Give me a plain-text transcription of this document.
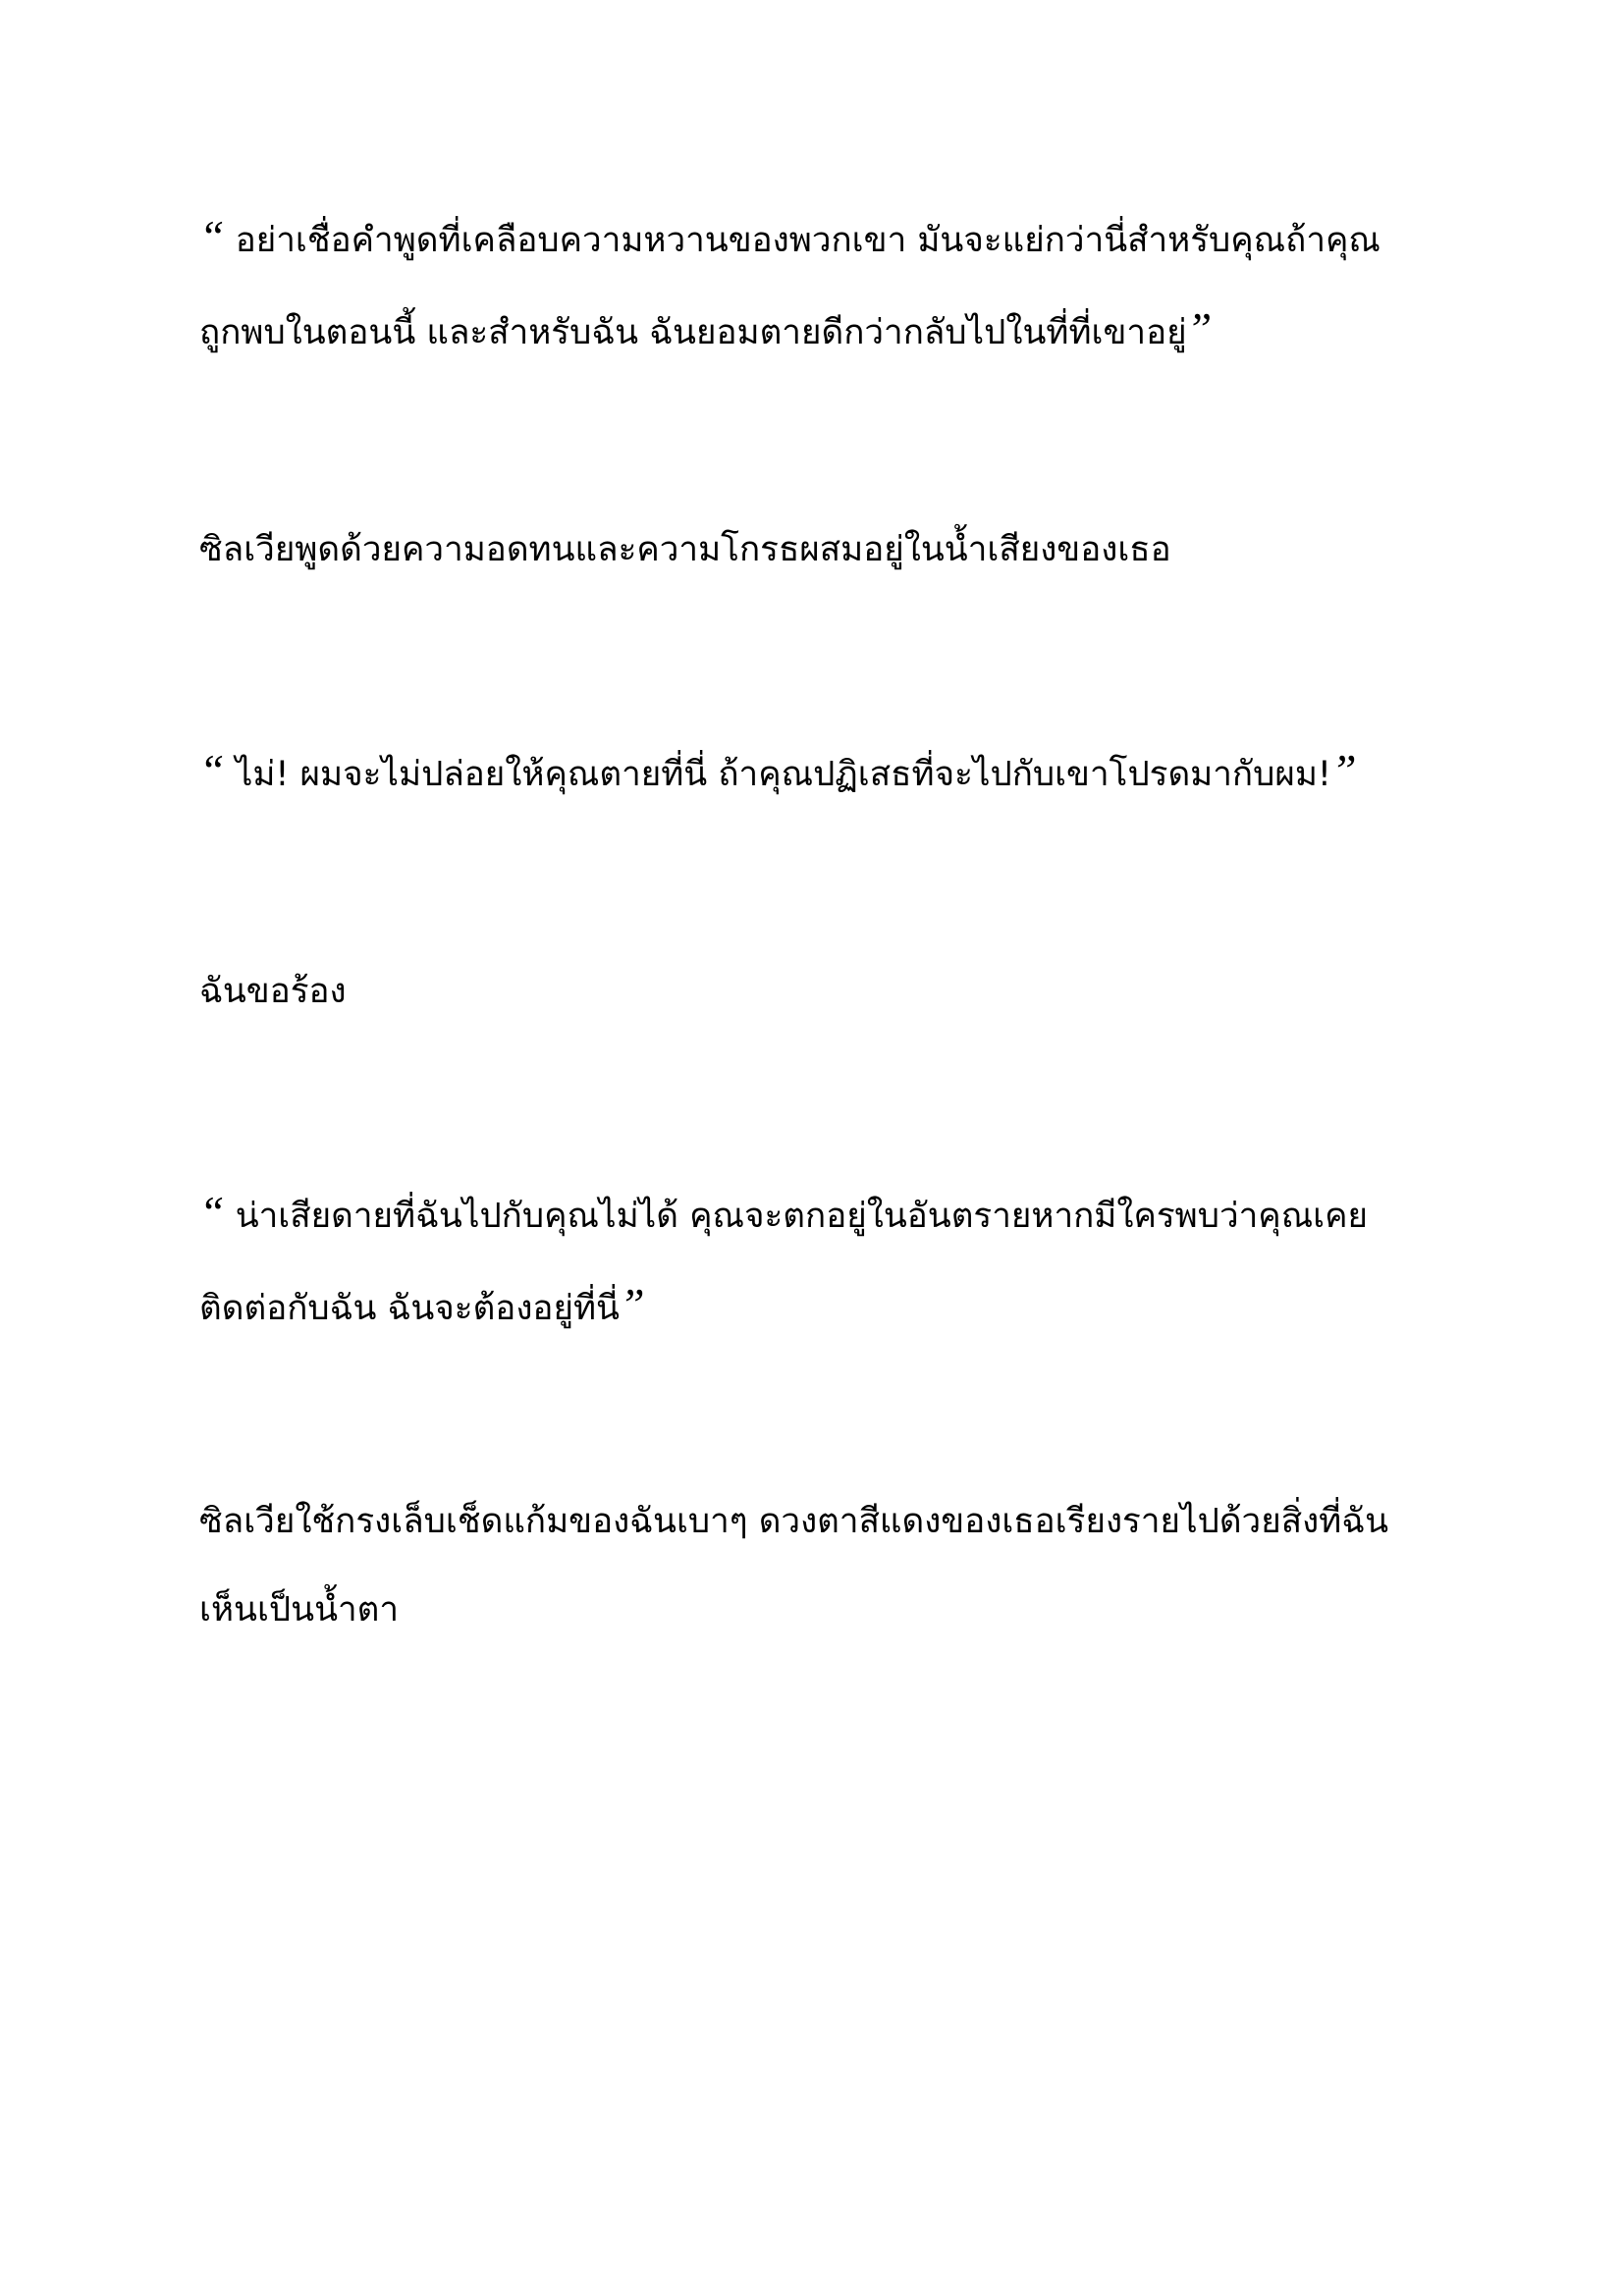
“ อย่าเชื่อคำพูดที่เคลือบความหวานของพวกเขา มันจะแย่กว่านี่สำหรับคุณถ้าคุณ
ถูกพบในตอนนี้ และสำหรับฉัน ฉันยอมตายดีกว่ากลับไปในที่ที่เขาอยู่”

ซิลเวียพูดด้วยความอดทนและความโกรธผสมอยู่ในน้ำเสียงของเธอ

“ ไม่! ผมจะไม่ปล่อยให้คุณตายที่นี่ ถ้าคุณปฏิเสธที่จะไปกับเขาโปรดมากับผม!”

ฉันขอร้อง

“ น่าเสียดายที่ฉันไปกับคุณไม่ได้ คุณจะตกอยู่ในอันตรายหากมีใครพบว่าคุณเคย
ติดต่อกับฉัน ฉันจะต้องอยู่ที่นี่”

ซิลเวียใช้กรงเล็บเช็ดแก้มของฉันเบาๆ ดวงตาสีแดงของเธอเรียงรายไปด้วยสิ่งที่ฉัน
เห็นเป็นน้ำตา
